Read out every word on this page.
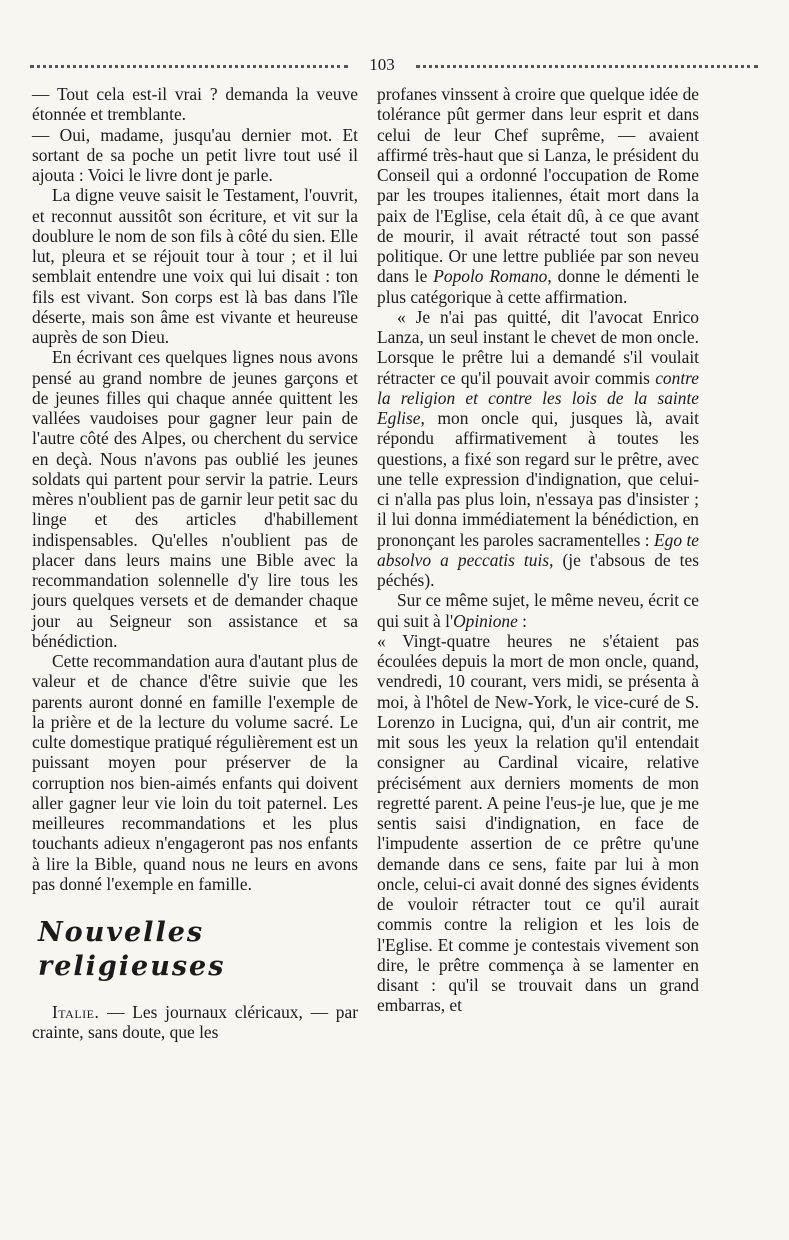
103

— Tout cela est-il vrai ? demanda la veuve étonnée et tremblante.

— Oui, madame, jusqu'au dernier mot. Et sortant de sa poche un petit livre tout usé il ajouta : Voici le livre dont je parle.

La digne veuve saisit le Testament, l'ouvrit, et reconnut aussitôt son écriture, et vit sur la doublure le nom de son fils à côté du sien. Elle lut, pleura et se réjouit tour à tour ; et il lui semblait entendre une voix qui lui disait : ton fils est vivant. Son corps est là bas dans l'île déserte, mais son âme est vivante et heureuse auprès de son Dieu.

En écrivant ces quelques lignes nous avons pensé au grand nombre de jeunes garçons et de jeunes filles qui chaque année quittent les vallées vaudoises pour gagner leur pain de l'autre côté des Alpes, ou cherchent du service en deçà. Nous n'avons pas oublié les jeunes soldats qui partent pour servir la patrie. Leurs mères n'oublient pas de garnir leur petit sac du linge et des articles d'habillement indispensables. Qu'elles n'oublient pas de placer dans leurs mains une Bible avec la recommandation solennelle d'y lire tous les jours quelques versets et de demander chaque jour au Seigneur son assistance et sa bénédiction.

Cette recommandation aura d'autant plus de valeur et de chance d'être suivie que les parents auront donné en famille l'exemple de la prière et de la lecture du volume sacré. Le culte domestique pratiqué régulièrement est un puissant moyen pour préserver de la corruption nos bien-aimés enfants qui doivent aller gagner leur vie loin du toit paternel. Les meilleures recommandations et les plus touchants adieux n'engageront pas nos enfants à lire la Bible, quand nous ne leurs en avons pas donné l'exemple en famille.

Nouvelles religieuses

Italie. — Les journaux cléricaux, — par crainte, sans doute, que les

profanes vinssent à croire que quelque idée de tolérance pût germer dans leur esprit et dans celui de leur Chef suprême, — avaient affirmé très-haut que si Lanza, le président du Conseil qui a ordonné l'occupation de Rome par les troupes italiennes, était mort dans la paix de l'Eglise, cela était dû, à ce que avant de mourir, il avait rétracté tout son passé politique. Or une lettre publiée par son neveu dans le Popolo Romano, donne le démenti le plus catégorique à cette affirmation.

« Je n'ai pas quitté, dit l'avocat Enrico Lanza, un seul instant le chevet de mon oncle. Lorsque le prêtre lui a demandé s'il voulait rétracter ce qu'il pouvait avoir commis contre la religion et contre les lois de la sainte Eglise, mon oncle qui, jusques là, avait répondu affirmativement à toutes les questions, a fixé son regard sur le prêtre, avec une telle expression d'indignation, que celui-ci n'alla pas plus loin, n'essaya pas d'insister ; il lui donna immédiatement la bénédiction, en prononçant les paroles sacramentelles : Ego te absolvo a peccatis tuis, (je t'absous de tes péchés).

Sur ce même sujet, le même neveu, écrit ce qui suit à l'Opinione :

« Vingt-quatre heures ne s'étaient pas écoulées depuis la mort de mon oncle, quand, vendredi, 10 courant, vers midi, se présenta à moi, à l'hôtel de New-York, le vice-curé de S. Lorenzo in Lucigna, qui, d'un air contrit, me mit sous les yeux la relation qu'il entendait consigner au Cardinal vicaire, relative précisément aux derniers moments de mon regretté parent. A peine l'eus-je lue, que je me sentis saisi d'indignation, en face de l'impudente assertion de ce prêtre qu'une demande dans ce sens, faite par lui à mon oncle, celui-ci avait donné des signes évidents de vouloir rétracter tout ce qu'il aurait commis contre la religion et les lois de l'Eglise. Et comme je contestais vivement son dire, le prêtre commença à se lamenter en disant : qu'il se trouvait dans un grand embarras, et
